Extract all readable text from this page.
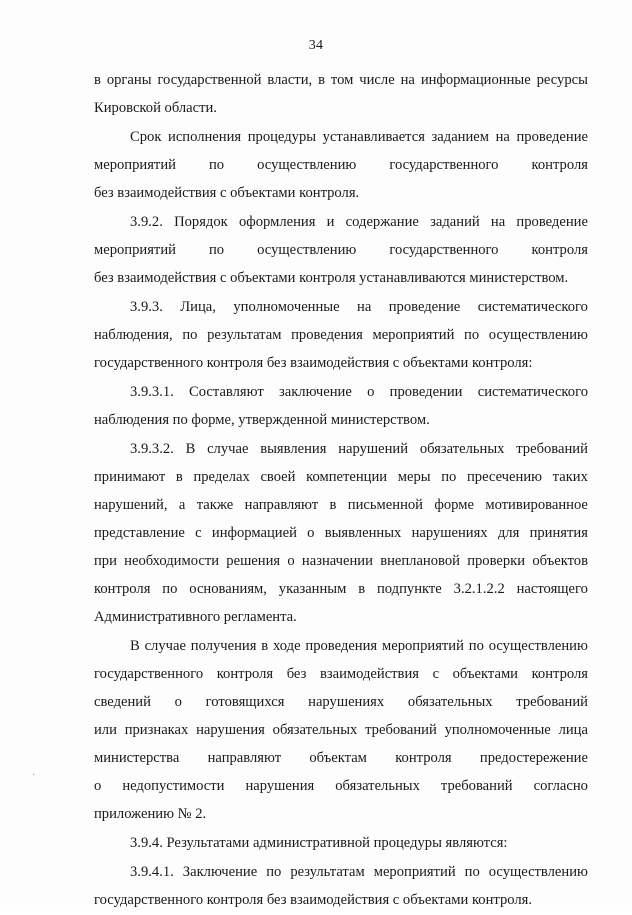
34
в органы государственной власти, в том числе на информационные ресурсы
Кировской области.
Срок исполнения процедуры устанавливается заданием на проведение
мероприятий по осуществлению государственного контроля
без взаимодействия с объектами контроля.
3.9.2. Порядок оформления и содержание заданий на проведение
мероприятий по осуществлению государственного контроля
без взаимодействия с объектами контроля устанавливаются министерством.
3.9.3. Лица, уполномоченные на проведение систематического
наблюдения, по результатам проведения мероприятий по осуществлению
государственного контроля без взаимодействия с объектами контроля:
3.9.3.1. Составляют заключение о проведении систематического
наблюдения по форме, утвержденной министерством.
3.9.3.2. В случае выявления нарушений обязательных требований
принимают в пределах своей компетенции меры по пресечению таких
нарушений, а также направляют в письменной форме мотивированное
представление с информацией о выявленных нарушениях для принятия
при необходимости решения о назначении внеплановой проверки объектов
контроля по основаниям, указанным в подпункте 3.2.1.2.2 настоящего
Административного регламента.
В случае получения в ходе проведения мероприятий по осуществлению
государственного контроля без взаимодействия с объектами контроля
сведений о готовящихся нарушениях обязательных требований
или признаках нарушения обязательных требований уполномоченные лица
министерства направляют объектам контроля предостережение
о недопустимости нарушения обязательных требований согласно
приложению № 2.
3.9.4. Результатами административной процедуры являются:
3.9.4.1. Заключение по результатам мероприятий по осуществлению
государственного контроля без взаимодействия с объектами контроля.
·
